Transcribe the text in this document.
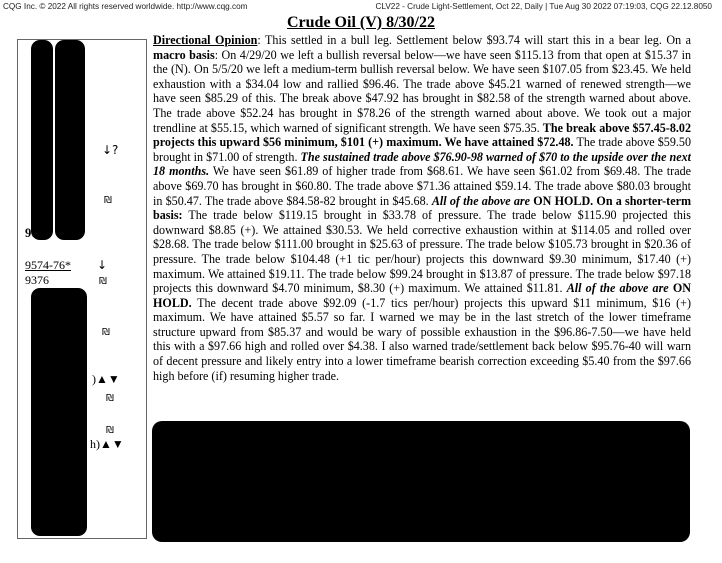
CQG Inc. © 2022 All rights reserved worldwide. http://www.cqg.com	CLV22 - Crude Light-Settlement, Oct 22, Daily | Tue Aug 30 2022 07:19:03, CQG 22.12.8050
Crude Oil (V) 8/30/22
↓?
₪
9701
9574-76* ↓
9376	₪
₪
)▲▼
₪
₪
h)▲▼

Directional Opinion: This settled in a bull leg. Settlement below $93.74 will start this in a bear leg. On a macro basis: On 4/29/20 we left a bullish reversal below—we have seen $115.13 from that open at $15.37 in the (N). On 5/5/20 we left a medium-term bullish reversal below. We have seen $107.05 from $23.45. We held exhaustion with a $34.04 low and rallied $96.46. The trade above $45.21 warned of renewed strength—we have seen $85.29 of this. The break above $47.92 has brought in $82.58 of the strength warned about above. The trade above $52.24 has brought in $78.26 of the strength warned about above. We took out a major trendline at $55.15, which warned of significant strength. We have seen $75.35. The break above $57.45-8.02 projects this upward $56 minimum, $101 (+) maximum. We have attained $72.48. The trade above $59.50 brought in $71.00 of strength. The sustained trade above $76.90-98 warned of $70 to the upside over the next 18 months. We have seen $61.89 of higher trade from $68.61. We have seen $61.02 from $69.48. The trade above $69.70 has brought in $60.80. The trade above $71.36 attained $59.14. The trade above $80.03 brought in $50.47. The trade above $84.58-82 brought in $45.68. All of the above are ON HOLD. On a shorter-term basis: The trade below $119.15 brought in $33.78 of pressure. The trade below $115.90 projected this downward $8.85 (+). We attained $30.53. We held corrective exhaustion within at $114.05 and rolled over $28.68. The trade below $111.00 brought in $25.63 of pressure. The trade below $105.73 brought in $20.36 of pressure. The trade below $104.48 (+1 tic per/hour) projects this downward $9.30 minimum, $17.40 (+) maximum. We attained $19.11. The trade below $99.24 brought in $13.87 of pressure. The trade below $97.18 projects this downward $4.70 minimum, $8.30 (+) maximum. We attained $11.81. All of the above are ON HOLD. The decent trade above $92.09 (-1.7 tics per/hour) projects this upward $11 minimum, $16 (+) maximum. We have attained $5.57 so far. I warned we may be in the last stretch of the lower timeframe structure upward from $85.37 and would be wary of possible exhaustion in the $96.86-7.50—we have held this with a $97.66 high and rolled over $4.38. I also warned trade/settlement back below $95.76-40 will warn of decent pressure and likely entry into a lower timeframe bearish correction exceeding $5.40 from the $97.66 high before (if) resuming higher trade.
